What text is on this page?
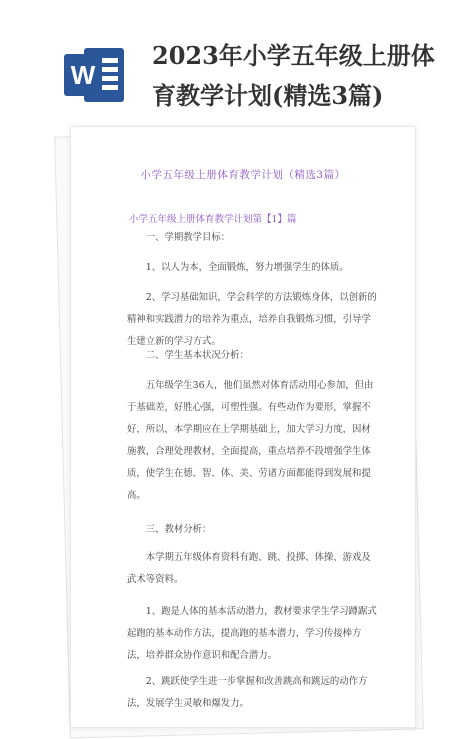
W
2023年小学五年级上册体
育教学计划(精选3篇)
小学五年级上册体育教学计划（精选3篇）
小学五年级上册体育教学计划第【1】篇
一、学期教学目标：
1、以人为本，全面锻炼，努力增强学生的体质。
2、学习基础知识，学会科学的方法锻炼身体，以创新的精神和实践潜力的培养为重点，培养自我锻炼习惯，引导学生建立新的学习方式。
二、学生基本状况分析：
五年级学生36人，他们虽然对体育活动用心参加，但由于基础差，好胜心强，可塑性强。有些动作为要形，掌握不好，所以，本学期应在上学期基础上，加大学习力度，因材施教，合理处理教材，全面提高，重点培养不段增强学生体质，使学生在德、智、体、美、劳诸方面都能得到发展和提高。
三、教材分析：
本学期五年级体育资料有跑、跳、投掷、体操、游戏及武术等资料。
1、跑是人体的基本活动潜力，教材要求学生学习蹲踞式起跑的基本动作方法，提高跑的基本潜力，学习传接棒方法，培养群众协作意识和配合潜力。
2、跳跃使学生进一步掌握和改善跳高和跳远的动作方法，发展学生灵敏和爆发力。
